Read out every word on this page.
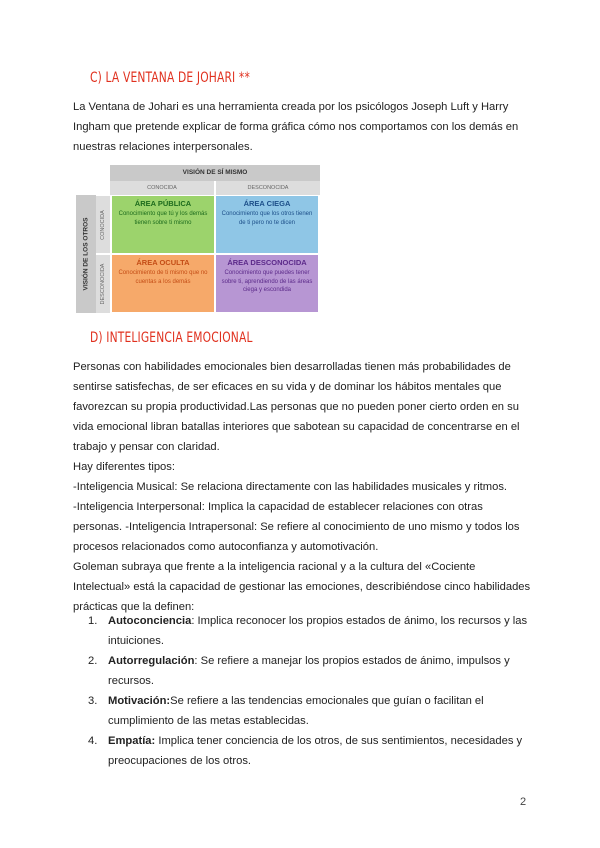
C) LA VENTANA DE JOHARI **

La Ventana de Johari es una herramienta creada por los psicólogos Joseph Luft y Harry Ingham que pretende explicar de forma gráfica cómo nos comportamos con los demás en nuestras relaciones interpersonales.

VISIÓN DE SÍ MISMO
CONOCIDA	DESCONOCIDA
VISIÓN DE LOS OTROS CONOCIDA
DESCONOCIDA
ÁREA PÚBLICA
Conocimiento que tú y los demás tienen sobre ti mismo
ÁREA CIEGA
Conocimiento que los otros tienen de ti pero no te dicen
ÁREA OCULTA
Conocimiento de ti mismo que no cuentas a los demás
ÁREA DESCONOCIDA
Conocimiento que puedes tener sobre ti, aprendiendo de las áreas ciega y escondida
D) INTELIGENCIA EMOCIONAL

Personas con habilidades emocionales bien desarrolladas tienen más probabilidades de sentirse satisfechas, de ser eficaces en su vida y de dominar los hábitos mentales que favorezcan su propia productividad.Las personas que no pueden poner cierto orden en su vida emocional libran batallas interiores que sabotean su capacidad de concentrarse en el trabajo y pensar con claridad.

Hay diferentes tipos:

-Inteligencia Musical: Se relaciona directamente con las habilidades musicales y ritmos.

-Inteligencia Interpersonal: Implica la capacidad de establecer relaciones con otras personas. -Inteligencia Intrapersonal: Se refiere al conocimiento de uno mismo y todos los procesos relacionados como autoconfianza y automotivación.

Goleman subraya que frente a la inteligencia racional y a la cultura del «Cociente Intelectual» está la capacidad de gestionar las emociones, describiéndose cinco habilidades prácticas que la definen:

1. Autoconciencia: Implica reconocer los propios estados de ánimo, los recursos y las intuiciones.
2. Autorregulación: Se refiere a manejar los propios estados de ánimo, impulsos y recursos.
3. Motivación:Se refiere a las tendencias emocionales que guían o facilitan el cumplimiento de las metas establecidas.
4. Empatía: Implica tener conciencia de los otros, de sus sentimientos, necesidades y preocupaciones de los otros.
2
